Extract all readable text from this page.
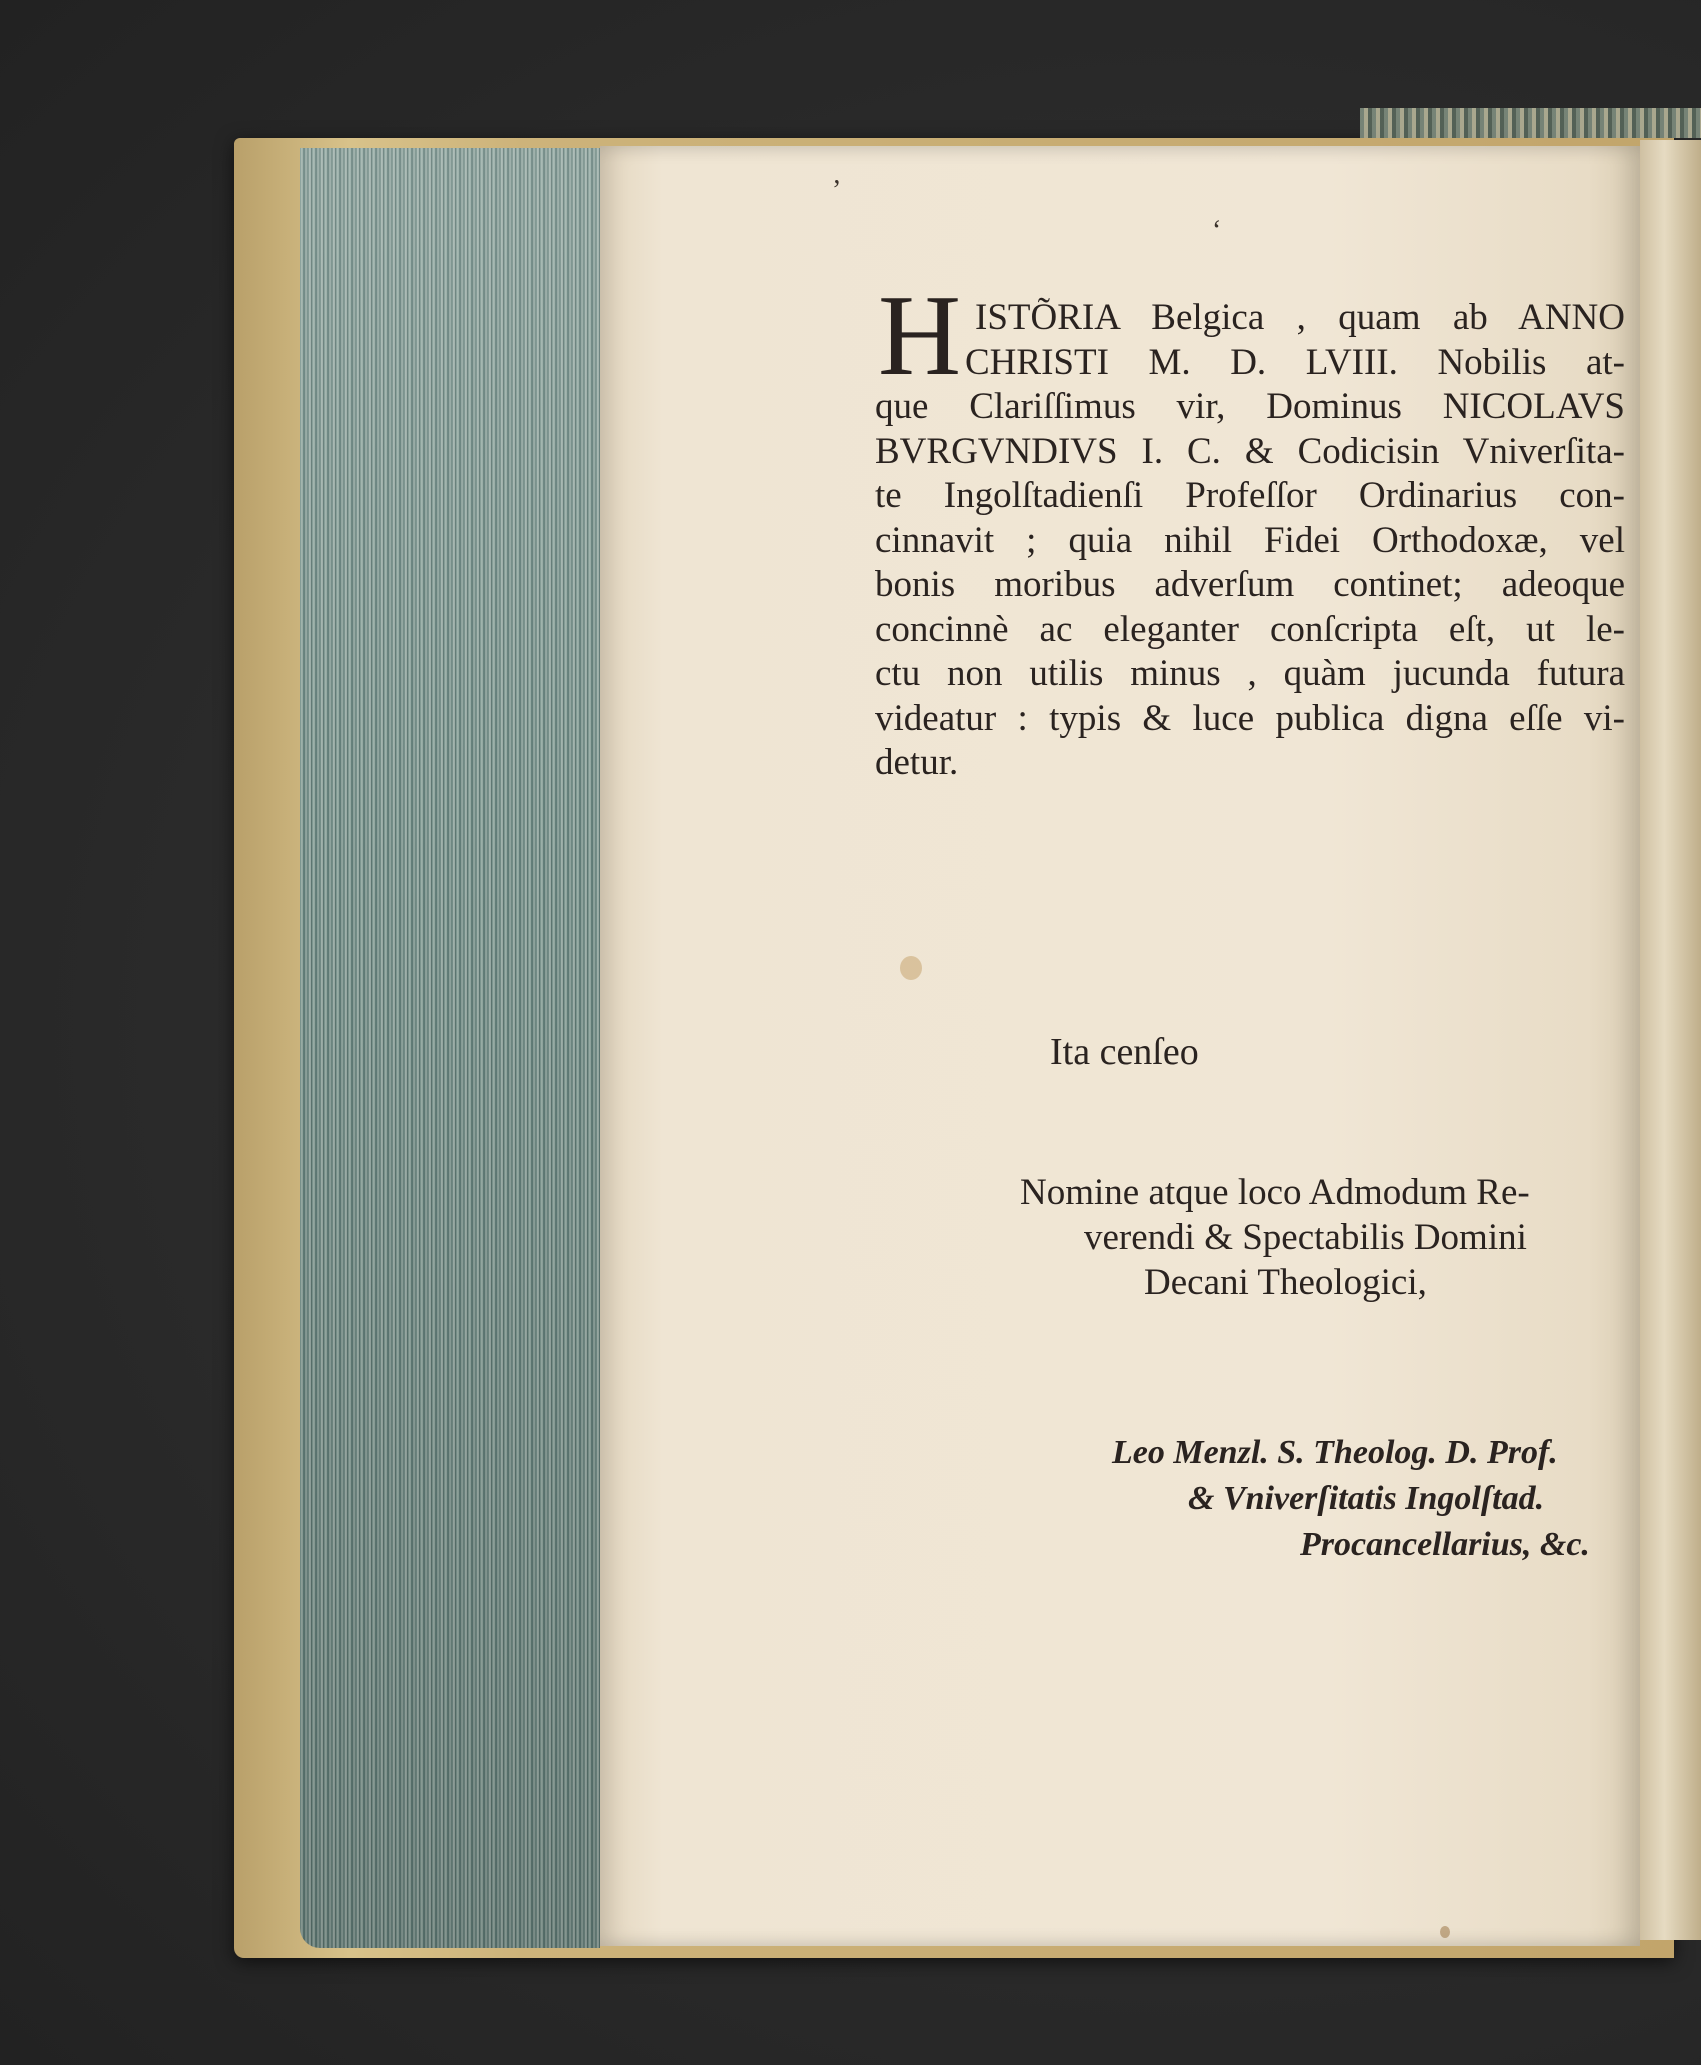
’
‘
H ISTÕRIA Belgica , quam ab ANNO
CHRISTI M. D. LVIII. Nobilis at-
que Clariſſimus vir, Dominus NICOLAVS
BVRGVNDIVS I. C. & Codicisin Vniverſita-
te Ingolſtadienſi Profeſſor Ordinarius con-
cinnavit ; quia nihil Fidei Orthodoxæ, vel
bonis moribus adverſum continet; adeoque
concinnè ac eleganter conſcripta eſt, ut le-
ctu non utilis minus , quàm jucunda futura
videatur : typis & luce publica digna eſſe vi-
detur.
Ita cenſeo
Nomine atque loco Admodum Re-
verendi & Spectabilis Domini
Decani Theologici,
Leo Menzl. S. Theolog. D. Prof.
& Vniverſitatis Ingolſtad.
Procancellarius, &c.
